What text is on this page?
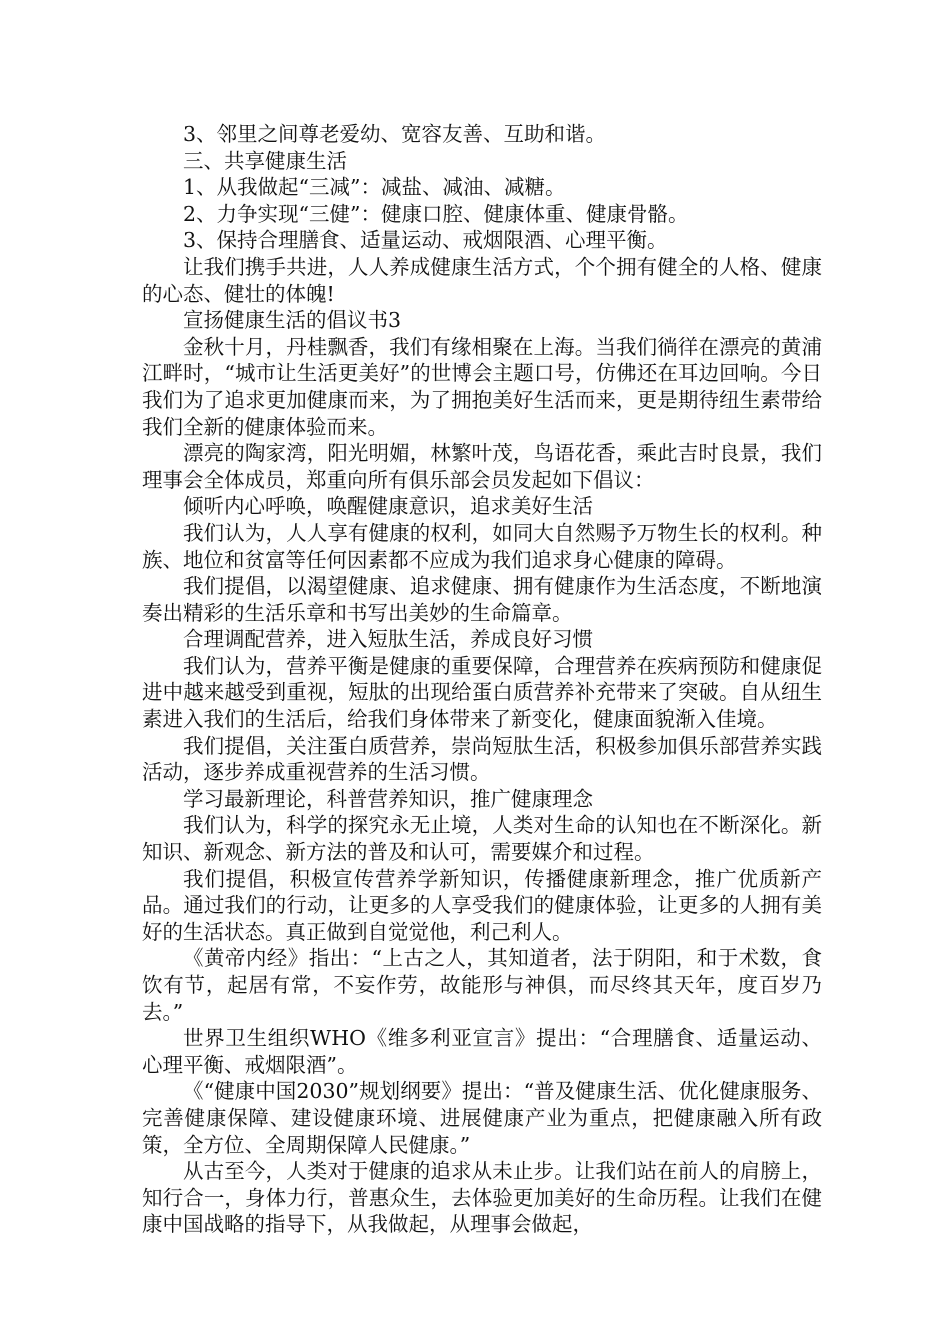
3、邻里之间尊老爱幼、宽容友善、互助和谐。

三、共享健康生活

1、从我做起“三减”：减盐、减油、减糖。

2、力争实现“三健”：健康口腔、健康体重、健康骨骼。

3、保持合理膳食、适量运动、戒烟限酒、心理平衡。

让我们携手共进，人人养成健康生活方式，个个拥有健全的人格、健康的心态、健壮的体魄!

宣扬健康生活的倡议书3

金秋十月，丹桂飘香，我们有缘相聚在上海。当我们徜徉在漂亮的黄浦江畔时，“城市让生活更美好”的世博会主题口号，仿佛还在耳边回响。今日我们为了追求更加健康而来，为了拥抱美好生活而来，更是期待纽生素带给我们全新的健康体验而来。

漂亮的陶家湾，阳光明媚，林繁叶茂，鸟语花香，乘此吉时良景，我们理事会全体成员，郑重向所有俱乐部会员发起如下倡议：

倾听内心呼唤，唤醒健康意识，追求美好生活

我们认为，人人享有健康的权利，如同大自然赐予万物生长的权利。种族、地位和贫富等任何因素都不应成为我们追求身心健康的障碍。

我们提倡，以渴望健康、追求健康、拥有健康作为生活态度，不断地演奏出精彩的生活乐章和书写出美妙的生命篇章。

合理调配营养，进入短肽生活，养成良好习惯

我们认为，营养平衡是健康的重要保障，合理营养在疾病预防和健康促进中越来越受到重视，短肽的出现给蛋白质营养补充带来了突破。自从纽生素进入我们的生活后，给我们身体带来了新变化，健康面貌渐入佳境。

我们提倡，关注蛋白质营养，崇尚短肽生活，积极参加俱乐部营养实践活动，逐步养成重视营养的生活习惯。

学习最新理论，科普营养知识，推广健康理念

我们认为，科学的探究永无止境，人类对生命的认知也在不断深化。新知识、新观念、新方法的普及和认可，需要媒介和过程。

我们提倡，积极宣传营养学新知识，传播健康新理念，推广优质新产品。通过我们的行动，让更多的人享受我们的健康体验，让更多的人拥有美好的生活状态。真正做到自觉觉他，利己利人。

《黄帝内经》指出：“上古之人，其知道者，法于阴阳，和于术数，食饮有节，起居有常，不妄作劳，故能形与神俱，而尽终其天年，度百岁乃去。”

世界卫生组织WHO《维多利亚宣言》提出：“合理膳食、适量运动、心理平衡、戒烟限酒”。

《“健康中国2030”规划纲要》提出：“普及健康生活、优化健康服务、完善健康保障、建设健康环境、进展健康产业为重点，把健康融入所有政策，全方位、全周期保障人民健康。”

从古至今，人类对于健康的追求从未止步。让我们站在前人的肩膀上，知行合一，身体力行，普惠众生，去体验更加美好的生命历程。让我们在健康中国战略的指导下，从我做起，从理事会做起，
